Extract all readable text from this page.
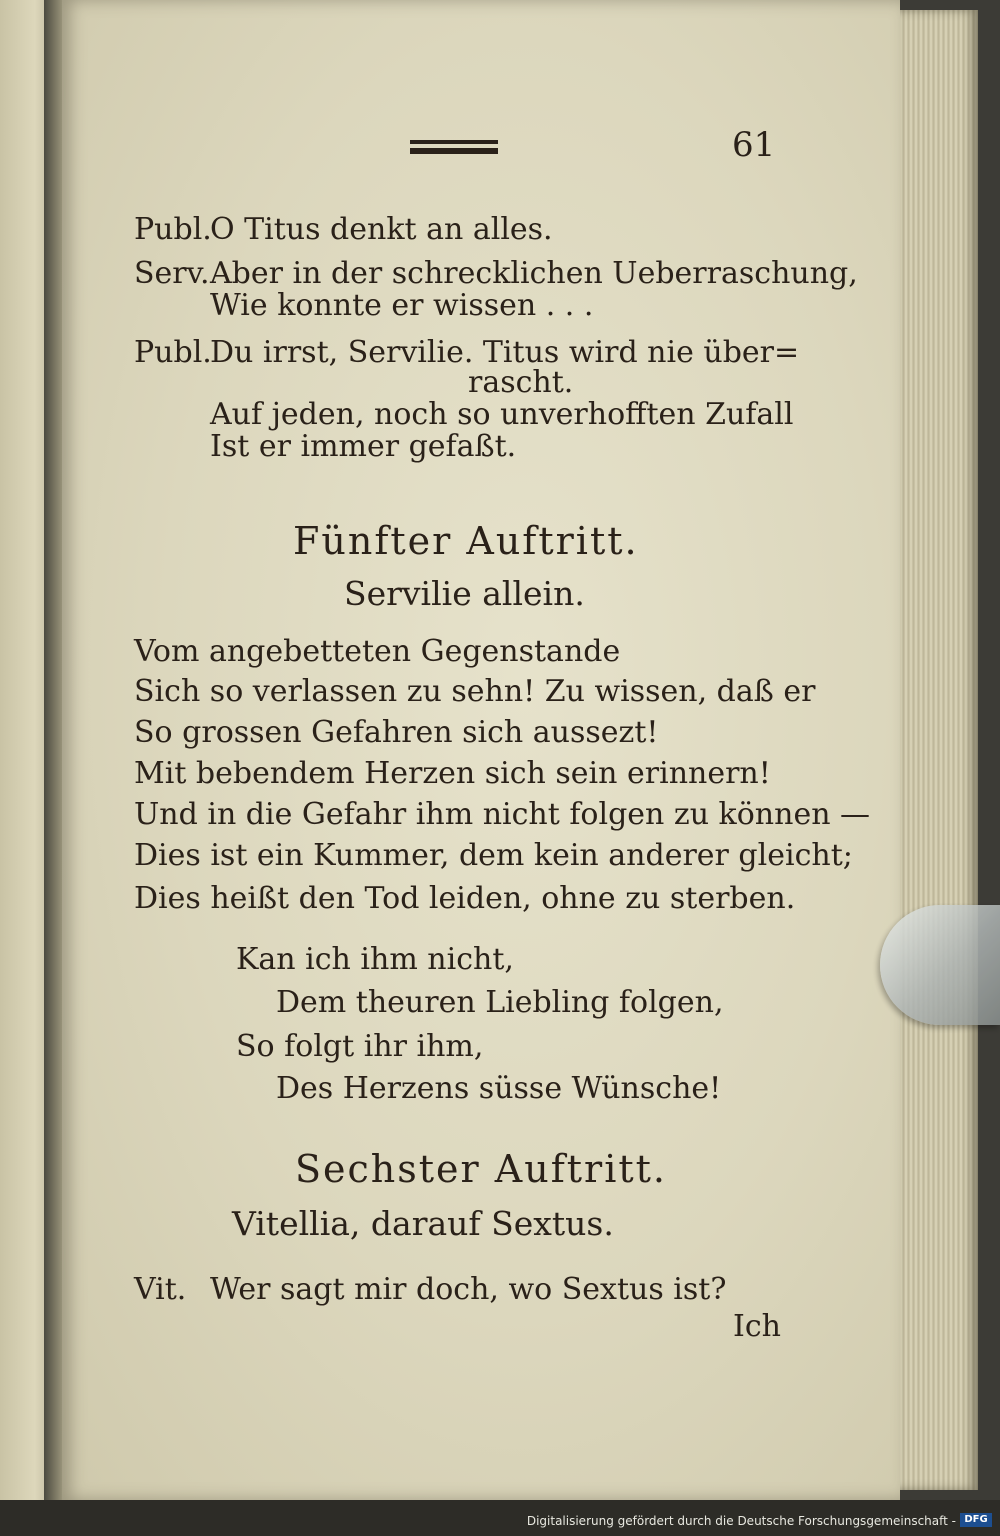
61
Publ.O Titus denkt an alles.
Serv.Aber in der schrecklichen Ueberraschung,
Wie konnte er wissen . . .
Publ.Du irrst, Servilie. Titus wird nie über=
rascht.
Auf jeden, noch so unverhofften Zufall
Ist er immer gefaßt.
Fünfter Auftritt.
Servilie allein.
Vom angebetteten Gegenstande
Sich so verlassen zu sehn! Zu wissen, daß er
So grossen Gefahren sich aussezt!
Mit bebendem Herzen sich sein erinnern!
Und in die Gefahr ihm nicht folgen zu können —
Dies ist ein Kummer, dem kein anderer gleicht;
Dies heißt den Tod leiden, ohne zu sterben.
Kan ich ihm nicht,
Dem theuren Liebling folgen,
So folgt ihr ihm,
Des Herzens süsse Wünsche!
Sechster Auftritt.
Vitellia, darauf Sextus.
Vit. Wer sagt mir doch, wo Sextus ist?
Ich
Digitalisierung gefördert durch die Deutsche Forschungsgemeinschaft - DFG
